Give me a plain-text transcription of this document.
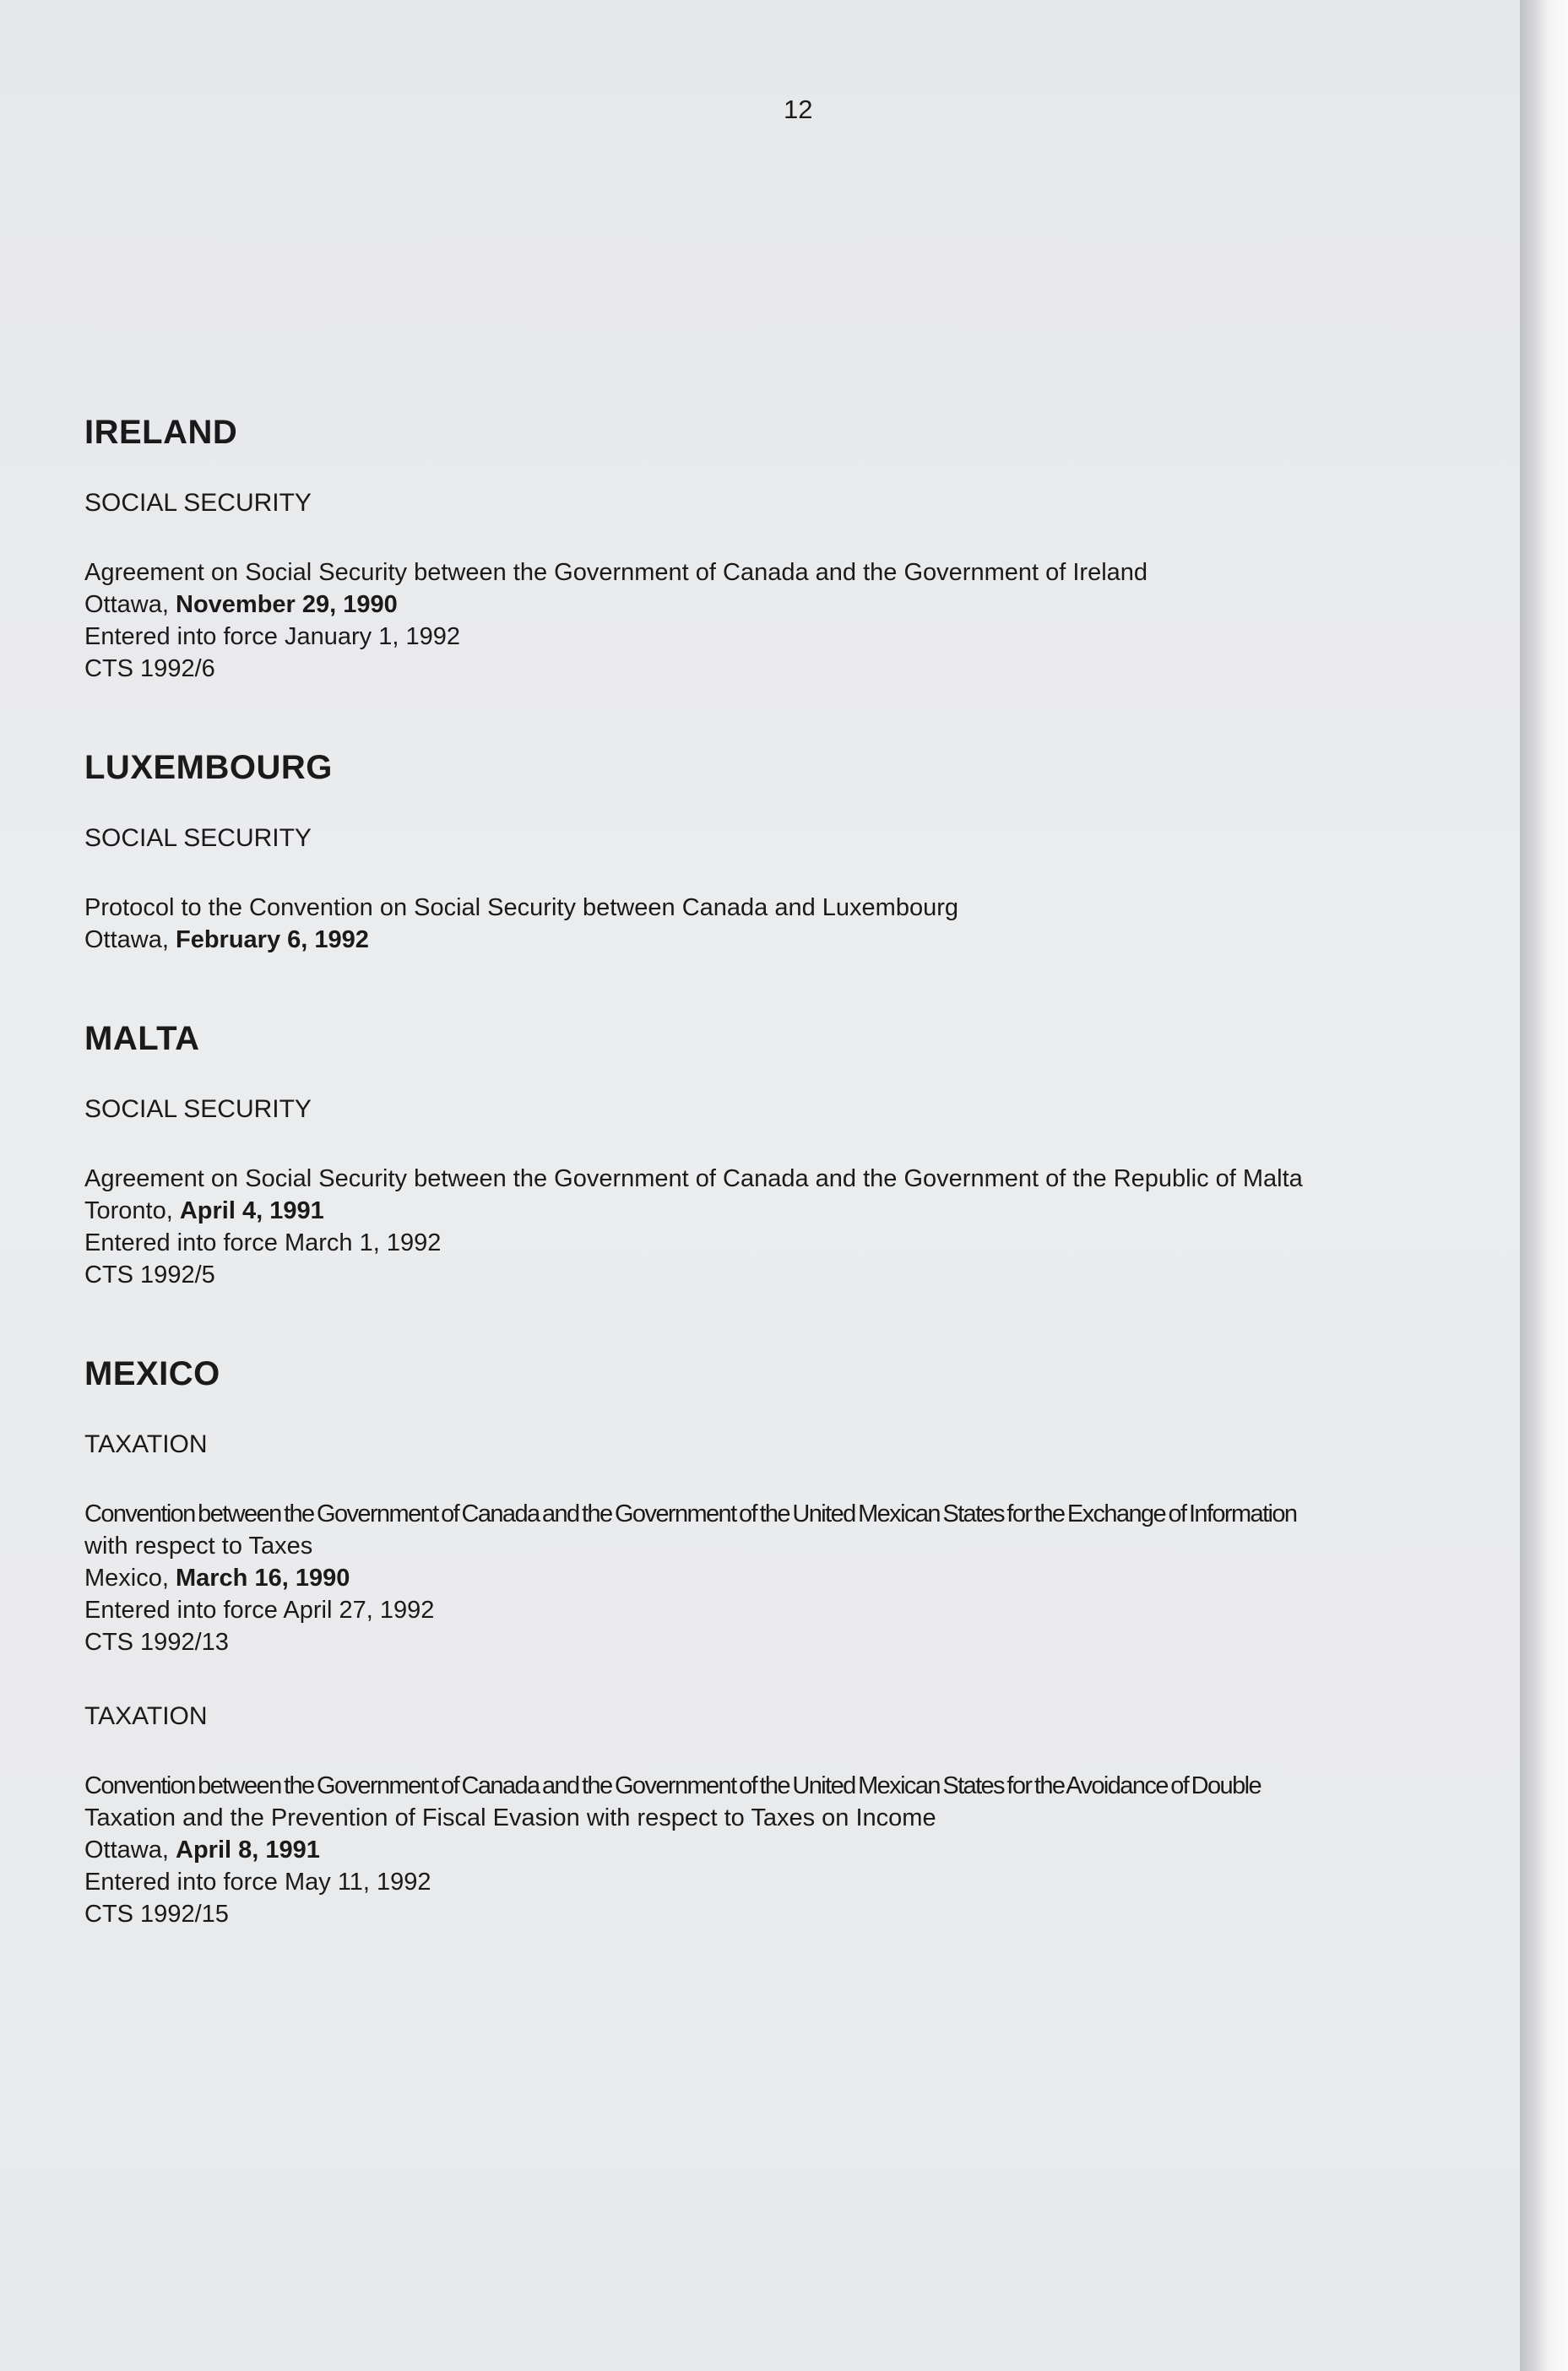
12
IRELAND
SOCIAL SECURITY
Agreement on Social Security between the Government of Canada and the Government of Ireland
Ottawa, November 29, 1990
Entered into force January 1, 1992
CTS 1992/6
LUXEMBOURG
SOCIAL SECURITY
Protocol to the Convention on Social Security between Canada and Luxembourg
Ottawa, February 6, 1992
MALTA
SOCIAL SECURITY
Agreement on Social Security between the Government of Canada and the Government of the Republic of Malta
Toronto, April 4, 1991
Entered into force March 1, 1992
CTS 1992/5
MEXICO
TAXATION
Convention between the Government of Canada and the Government of the United Mexican States for the Exchange of Information
with respect to Taxes
Mexico, March 16, 1990
Entered into force April 27, 1992
CTS 1992/13
TAXATION
Convention between the Government of Canada and the Government of the United Mexican States for the Avoidance of Double
Taxation and the Prevention of Fiscal Evasion with respect to Taxes on Income
Ottawa, April 8, 1991
Entered into force May 11, 1992
CTS 1992/15
